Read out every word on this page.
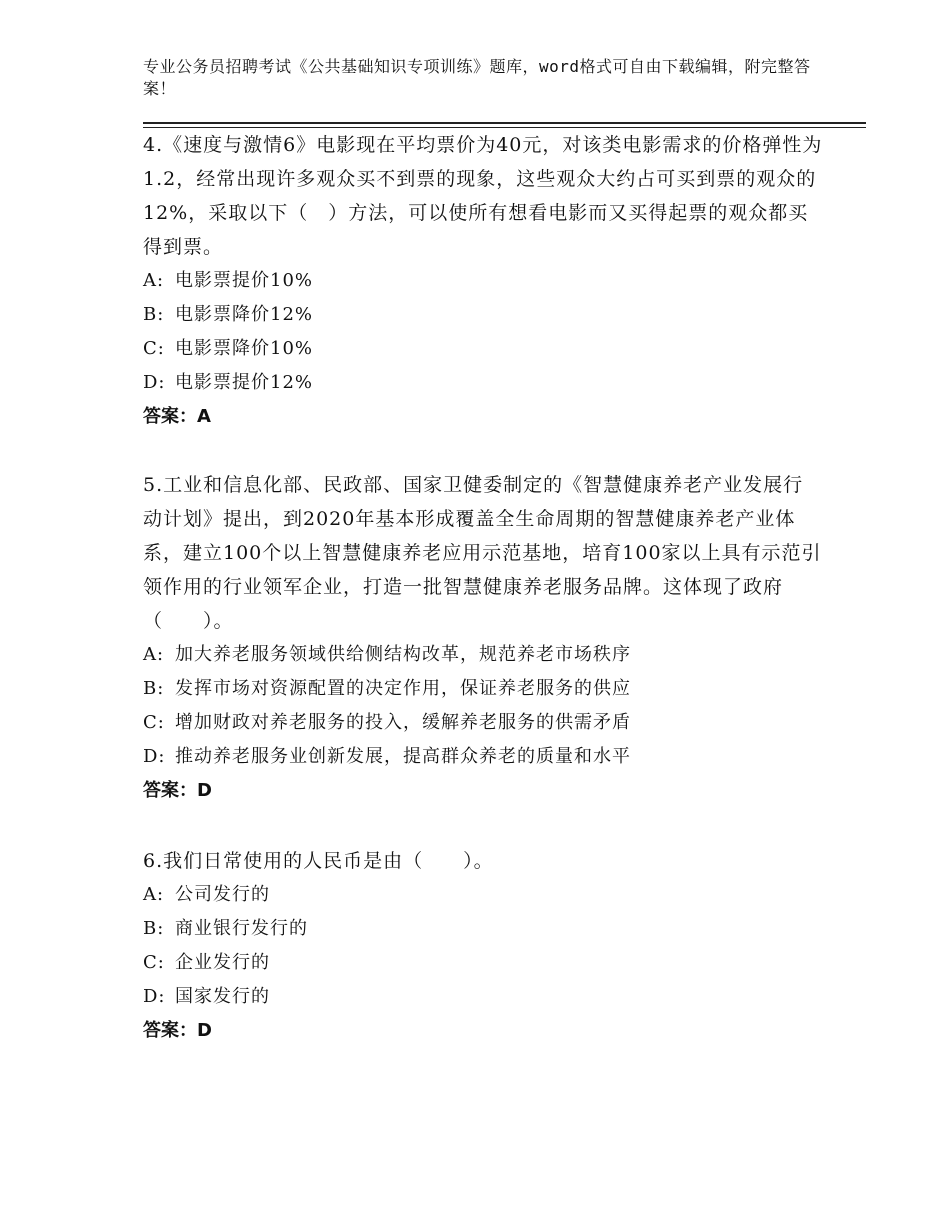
专业公务员招聘考试《公共基础知识专项训练》题库，word格式可自由下载编辑，附完整答案！

4.《速度与激情6》电影现在平均票价为40元，对该类电影需求的价格弹性为1.2，经常出现许多观众买不到票的现象，这些观众大约占可买到票的观众的12%，采取以下（　）方法，可以使所有想看电影而又买得起票的观众都买得到票。

A: 电影票提价10%

B: 电影票降价12%

C: 电影票降价10%

D: 电影票提价12%

答案：A

5.工业和信息化部、民政部、国家卫健委制定的《智慧健康养老产业发展行动计划》提出，到2020年基本形成覆盖全生命周期的智慧健康养老产业体系，建立100个以上智慧健康养老应用示范基地，培育100家以上具有示范引领作用的行业领军企业，打造一批智慧健康养老服务品牌。这体现了政府（　　）。

A: 加大养老服务领域供给侧结构改革，规范养老市场秩序

B: 发挥市场对资源配置的决定作用，保证养老服务的供应

C: 增加财政对养老服务的投入，缓解养老服务的供需矛盾

D: 推动养老服务业创新发展，提高群众养老的质量和水平

答案：D

6.我们日常使用的人民币是由（　　）。

A: 公司发行的

B: 商业银行发行的

C: 企业发行的

D: 国家发行的

答案：D
